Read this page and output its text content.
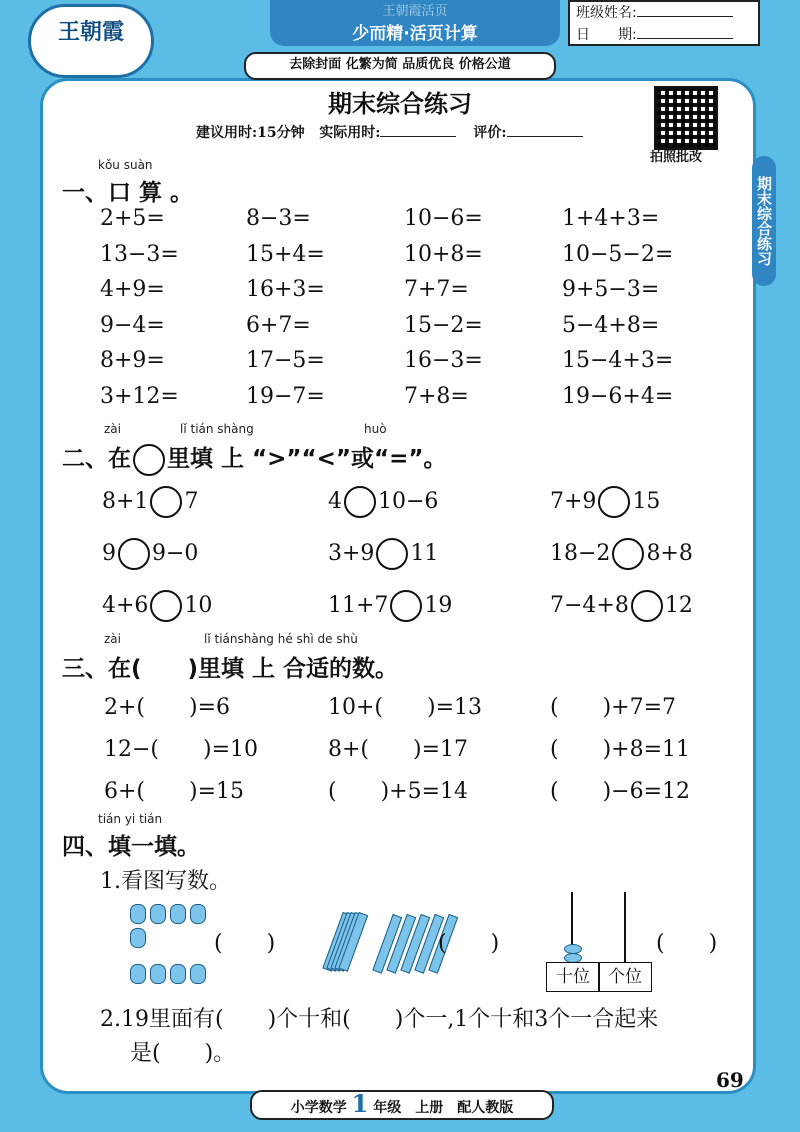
王朝霞
王朝霞活页
少而精·活页计算
班级姓名:
日　　期:
去除封面 化繁为简 品质优良 价格公道
期末综合练习
建议用时:15分钟 实际用时:	评价:
拍照批改
期末综合练习
kǒu suàn
一、口 算 。
2+5=	8−3=	10−6=	1+4+3=
13−3=	15+4=	10+8=	10−5−2=
4+9=	16+3=	7+7=	9+5−3=
9−4=	6+7=	15−2=	5−4+8=
8+9=	17−5=	16−3=	15−4+3=
3+12=	19−7=	7+8=	19−6+4=
zài	lǐ tián shàng	huò
二、在 里填 上 “>”“<”或“=”。
8+1 7	4 10−6	7+9 15
9 9−0	3+9 11	18−2 8+8
4+6 10	11+7 19	7−4+8 12
zài	lǐ tiánshàng hé shì de shù
三、在(　　)里填 上 合适的数。
2+(　　)=6	10+(　　)=13	(　　)+7=7
12−(　　)=10	8+(　　)=17	(　　)+8=11
6+(　　)=15	(　　)+5=14	(　　)−6=12
tián yi tián
四、填一填。
1.看图写数。
(　　)	(　　)
十位	个位
(　　)
2.19里面有(　　)个十和(　　)个一,1个十和3个一合起来
是(　　)。
小学数学 1 年级　上册　配人教版
69
